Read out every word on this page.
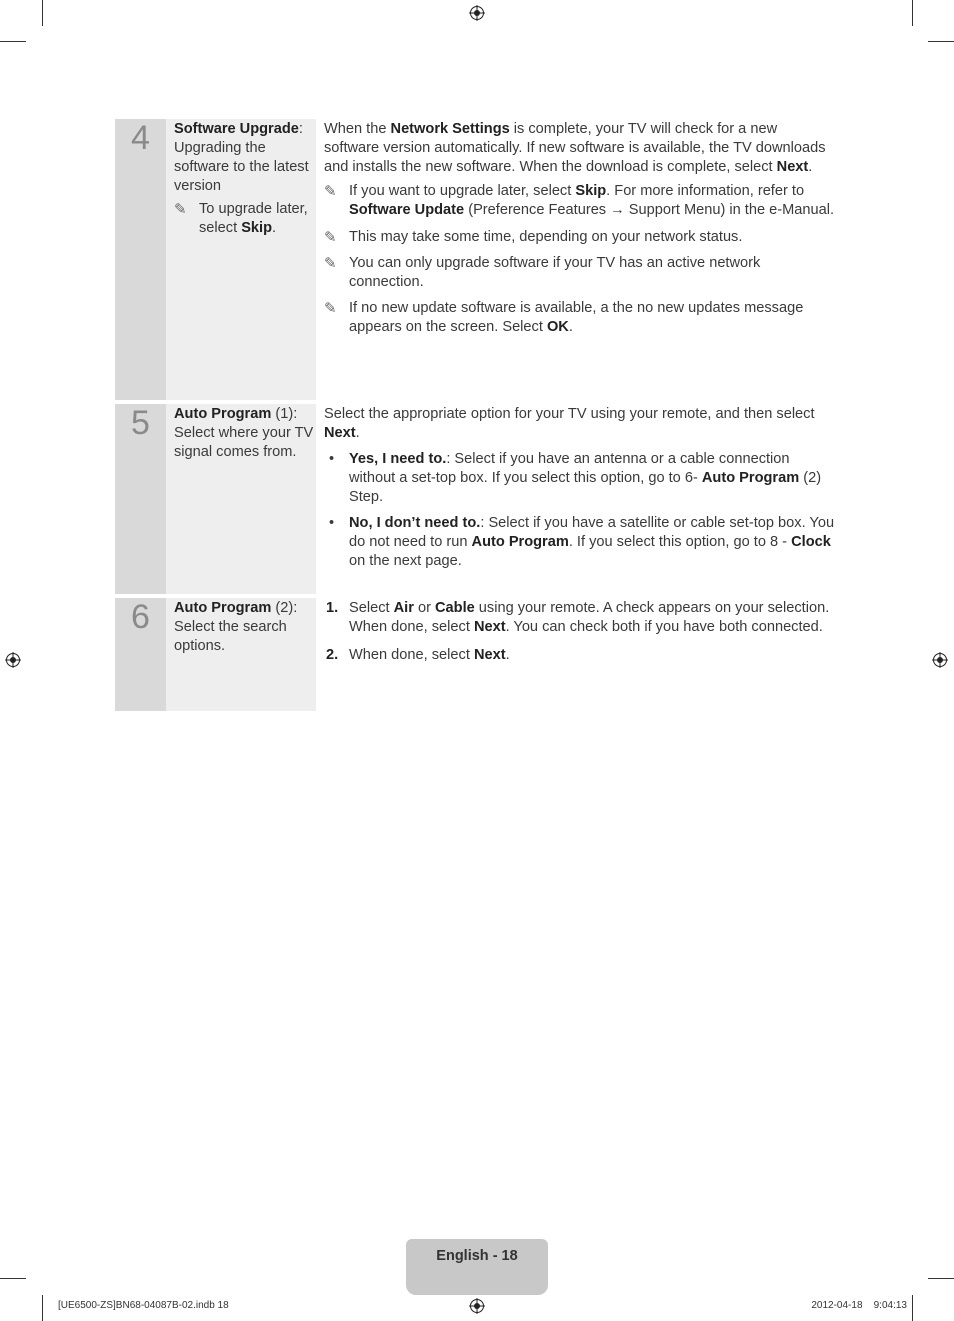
4	Software Upgrade:

Upgrading the software to the latest version

✎ To upgrade later, select Skip.

When the Network Settings is complete, your TV will check for a new software version automatically. If new software is available, the TV downloads and installs the new software. When the download is complete, select Next.

✎ If you want to upgrade later, select Skip. For more information, refer to Software Update (Preference Features → Support Menu) in the e-Manual.
✎ This may take some time, depending on your network status.
✎ You can only upgrade software if your TV has an active network connection.
✎ If no new update software is available, a the no new updates message appears on the screen. Select OK.
5	Auto Program (1):

Select where your TV signal comes from.

Select the appropriate option for your TV using your remote, and then select Next.

• Yes, I need to.: Select if you have an antenna or a cable connection without a set-top box. If you select this option, go to 6- Auto Program (2) Step.
• No, I don’t need to.: Select if you have a satellite or cable set-top box. You do not need to run Auto Program. If you select this option, go to 8 - Clock on the next page.
6	Auto Program (2):

Select the search options.

1. Select Air or Cable using your remote. A check appears on your selection. When done, select Next. You can check both if you have both connected.
2. When done, select Next.
English - 18
[UE6500-ZS]BN68-04087B-02.indb 18	2012-04-18    9:04:13
